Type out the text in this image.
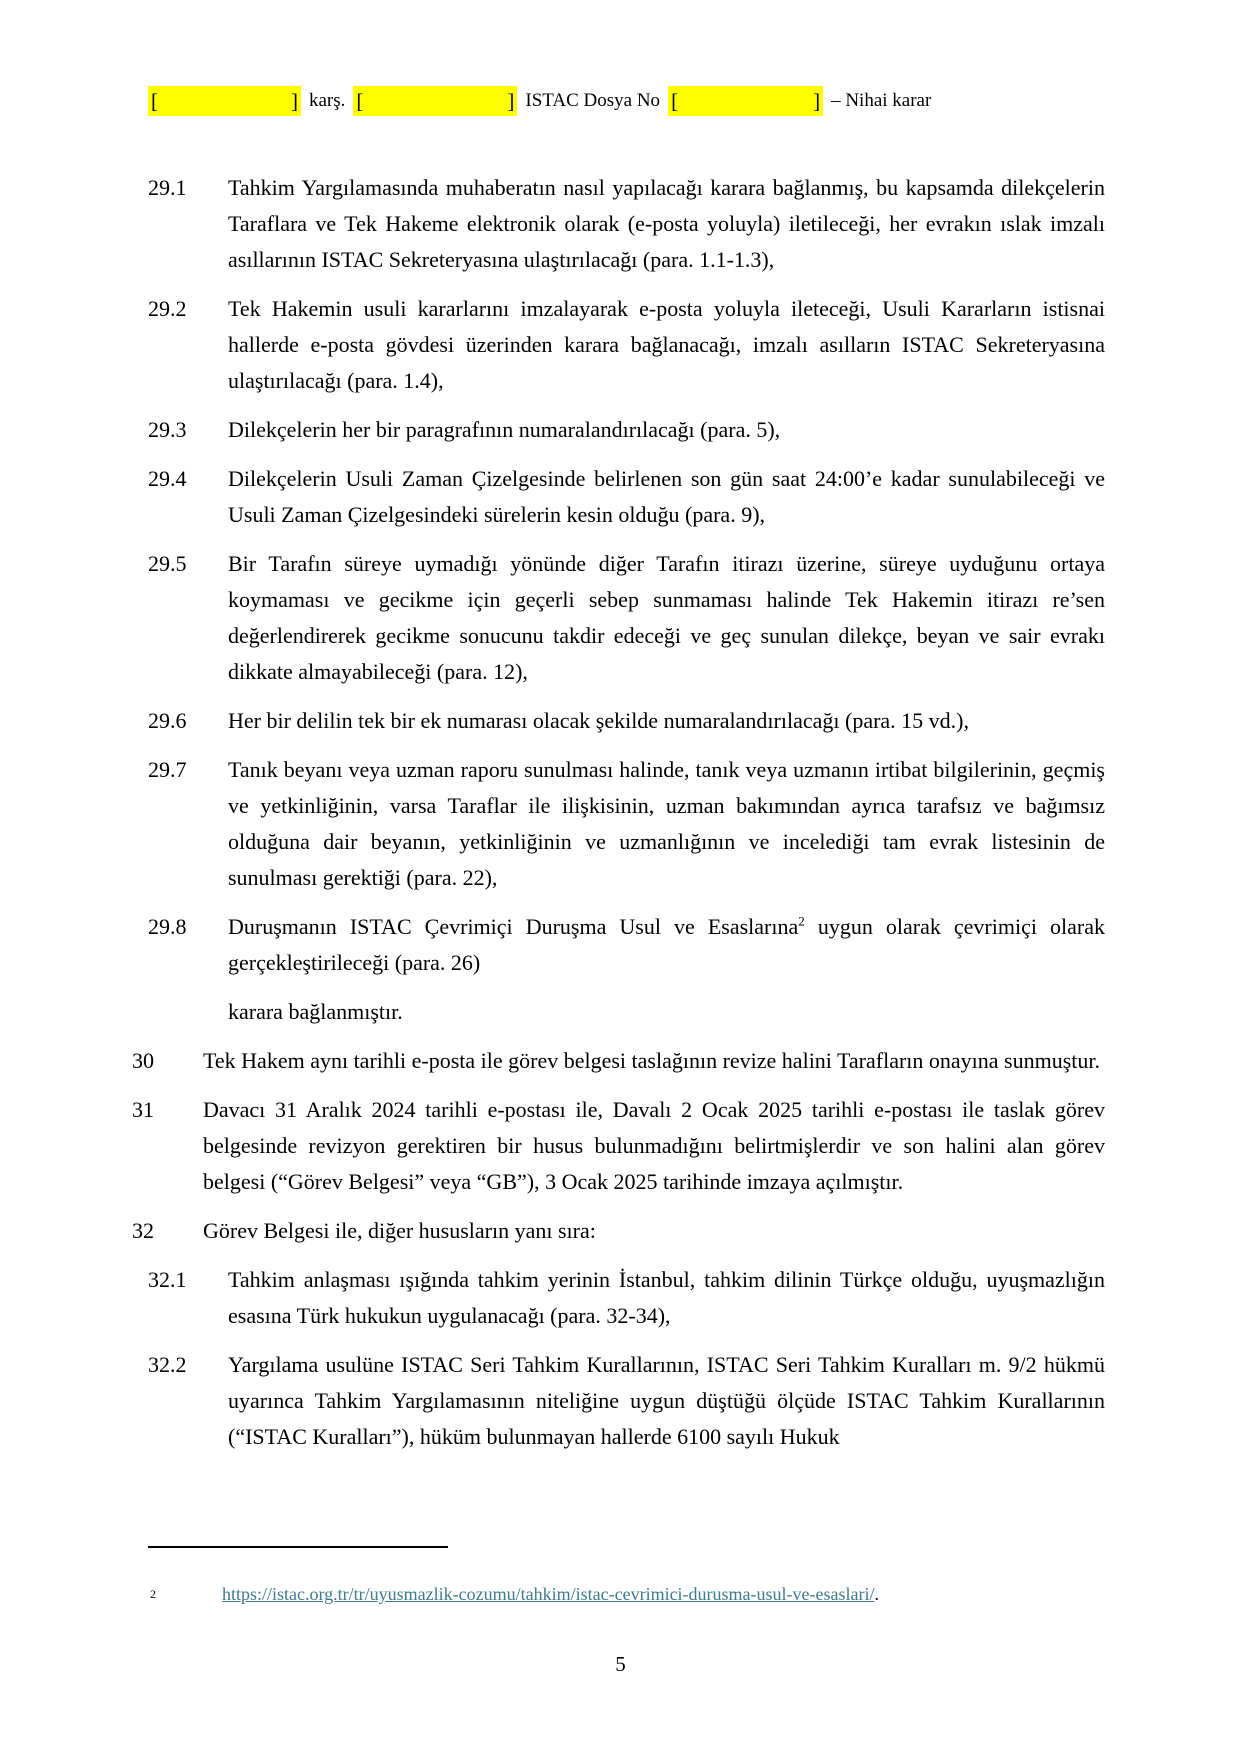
[	] karş. [	] ISTAC Dosya No [	] – Nihai karar
29.1 Tahkim Yargılamasında muhaberatın nasıl yapılacağı karara bağlanmış, bu kapsamda dilekçelerin Taraflara ve Tek Hakeme elektronik olarak (e-posta yoluyla) iletileceği, her evrakın ıslak imzalı asıllarının ISTAC Sekreteryasına ulaştırılacağı (para. 1.1-1.3),

29.2 Tek Hakemin usuli kararlarını imzalayarak e-posta yoluyla ileteceği, Usuli Kararların istisnai hallerde e-posta gövdesi üzerinden karara bağlanacağı, imzalı asılların ISTAC Sekreteryasına ulaştırılacağı (para. 1.4),

29.3 Dilekçelerin her bir paragrafının numaralandırılacağı (para. 5),

29.4 Dilekçelerin Usuli Zaman Çizelgesinde belirlenen son gün saat 24:00’e kadar sunulabileceği ve Usuli Zaman Çizelgesindeki sürelerin kesin olduğu (para. 9),

29.5 Bir Tarafın süreye uymadığı yönünde diğer Tarafın itirazı üzerine, süreye uyduğunu ortaya koymaması ve gecikme için geçerli sebep sunmaması halinde Tek Hakemin itirazı re’sen değerlendirerek gecikme sonucunu takdir edeceği ve geç sunulan dilekçe, beyan ve sair evrakı dikkate almayabileceği (para. 12),

29.6 Her bir delilin tek bir ek numarası olacak şekilde numaralandırılacağı (para. 15 vd.),

29.7 Tanık beyanı veya uzman raporu sunulması halinde, tanık veya uzmanın irtibat bilgilerinin, geçmiş ve yetkinliğinin, varsa Taraflar ile ilişkisinin, uzman bakımından ayrıca tarafsız ve bağımsız olduğuna dair beyanın, yetkinliğinin ve uzmanlığının ve incelediği tam evrak listesinin de sunulması gerektiği (para. 22),

29.8 Duruşmanın ISTAC Çevrimiçi Duruşma Usul ve Esaslarına$^2$ uygun olarak çevrimiçi olarak gerçekleştirileceği (para. 26)

karara bağlanmıştır.

30 Tek Hakem aynı tarihli e-posta ile görev belgesi taslağının revize halini Tarafların onayına sunmuştur.

31 Davacı 31 Aralık 2024 tarihli e-postası ile, Davalı 2 Ocak 2025 tarihli e-postası ile taslak görev belgesinde revizyon gerektiren bir husus bulunmadığını belirtmişlerdir ve son halini alan görev belgesi (“Görev Belgesi” veya “GB”), 3 Ocak 2025 tarihinde imzaya açılmıştır.

32 Görev Belgesi ile, diğer hususların yanı sıra:

32.1 Tahkim anlaşması ışığında tahkim yerinin İstanbul, tahkim dilinin Türkçe olduğu, uyuşmazlığın esasına Türk hukukun uygulanacağı (para. 32-34),

32.2 Yargılama usulüne ISTAC Seri Tahkim Kurallarının, ISTAC Seri Tahkim Kuralları m. 9/2 hükmü uyarınca Tahkim Yargılamasının niteliğine uygun düştüğü ölçüde ISTAC Tahkim Kurallarının (“ISTAC Kuralları”), hüküm bulunmayan hallerde 6100 sayılı Hukuk

2	https://istac.org.tr/tr/uyusmazlik-cozumu/tahkim/istac-cevrimici-durusma-usul-ve-esaslari/.
5
